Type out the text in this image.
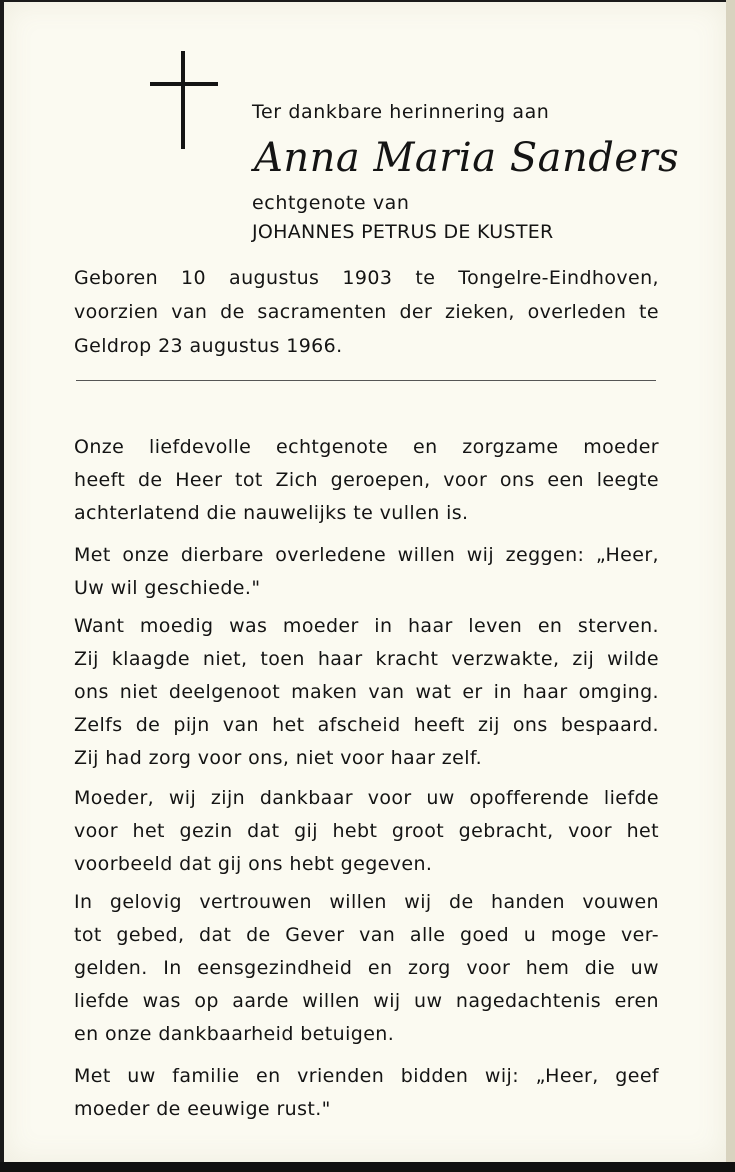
Ter dankbare herinnering aan
Anna Maria Sanders
echtgenote van
JOHANNES PETRUS DE KUSTER

Geboren 10 augustus 1903 te Tongelre-Eindhoven,

voorzien van de sacramenten der zieken, overleden te

Geldrop 23 augustus 1966.

Onze liefdevolle echtgenote en zorgzame moeder

heeft de Heer tot Zich geroepen, voor ons een leegte

achterlatend die nauwelijks te vullen is.

Met onze dierbare overledene willen wij zeggen: „Heer,

Uw wil geschiede."

Want moedig was moeder in haar leven en sterven.

Zij klaagde niet, toen haar kracht verzwakte, zij wilde

ons niet deelgenoot maken van wat er in haar omging.

Zelfs de pijn van het afscheid heeft zij ons bespaard.

Zij had zorg voor ons, niet voor haar zelf.

Moeder, wij zijn dankbaar voor uw opofferende liefde

voor het gezin dat gij hebt groot gebracht, voor het

voorbeeld dat gij ons hebt gegeven.

In gelovig vertrouwen willen wij de handen vouwen

tot gebed, dat de Gever van alle goed u moge ver-

gelden. In eensgezindheid en zorg voor hem die uw

liefde was op aarde willen wij uw nagedachtenis eren

en onze dankbaarheid betuigen.

Met uw familie en vrienden bidden wij: „Heer, geef

moeder de eeuwige rust."
